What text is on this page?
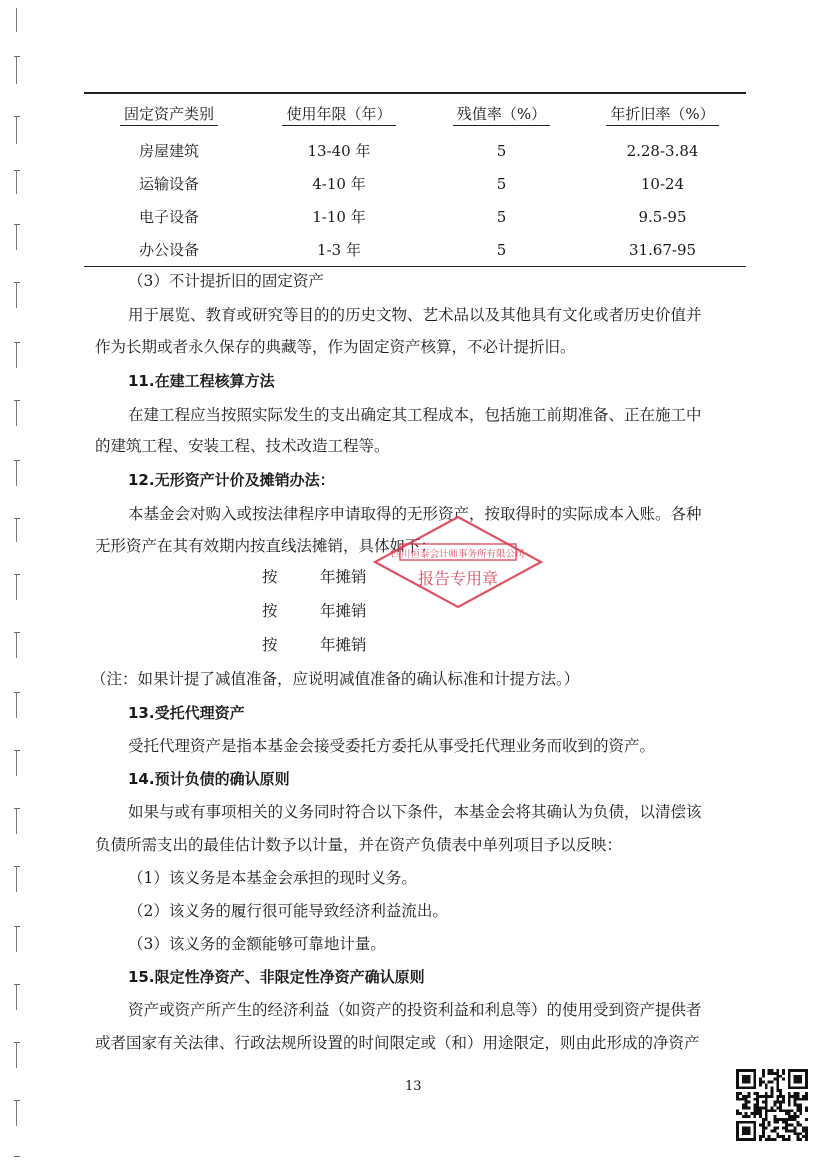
固定资产类别	使用年限（年）	残值率（%）	年折旧率（%）
房屋建筑	13-40 年	5	2.28-3.84
运输设备	4-10 年	5	10-24
电子设备	1-10 年	5	9.5-95
办公设备	1-3 年	5	31.67-95

（3）不计提折旧的固定资产

用于展览、教育或研究等目的的历史文物、艺术品以及其他具有文化或者历史价值并

作为长期或者永久保存的典藏等，作为固定资产核算，不必计提折旧。

11.在建工程核算方法

在建工程应当按照实际发生的支出确定其工程成本，包括施工前期准备、正在施工中

的建筑工程、安装工程、技术改造工程等。

12.无形资产计价及摊销办法：

本基金会对购入或按法律程序申请取得的无形资产，按取得时的实际成本入账。各种

无形资产在其有效期内按直线法摊销，具体如下：

按	年摊销

按	年摊销

按	年摊销

（注：如果计提了减值准备，应说明减值准备的确认标准和计提方法。）

13.受托代理资产

受托代理资产是指本基金会接受委托方委托从事受托代理业务而收到的资产。

14.预计负债的确认原则

如果与或有事项相关的义务同时符合以下条件，本基金会将其确认为负债，以清偿该

负债所需支出的最佳估计数予以计量，并在资产负债表中单列项目予以反映：

（1）该义务是本基金会承担的现时义务。

（2）该义务的履行很可能导致经济利益流出。

（3）该义务的金额能够可靠地计量。

15.限定性净资产、非限定性净资产确认原则

资产或资产所产生的经济利益（如资产的投资利益和利息等）的使用受到资产提供者

或者国家有关法律、行政法规所设置的时间限定或（和）用途限定，则由此形成的净资产

13
四川恒泰会计师事务所有限公司
报告专用章
